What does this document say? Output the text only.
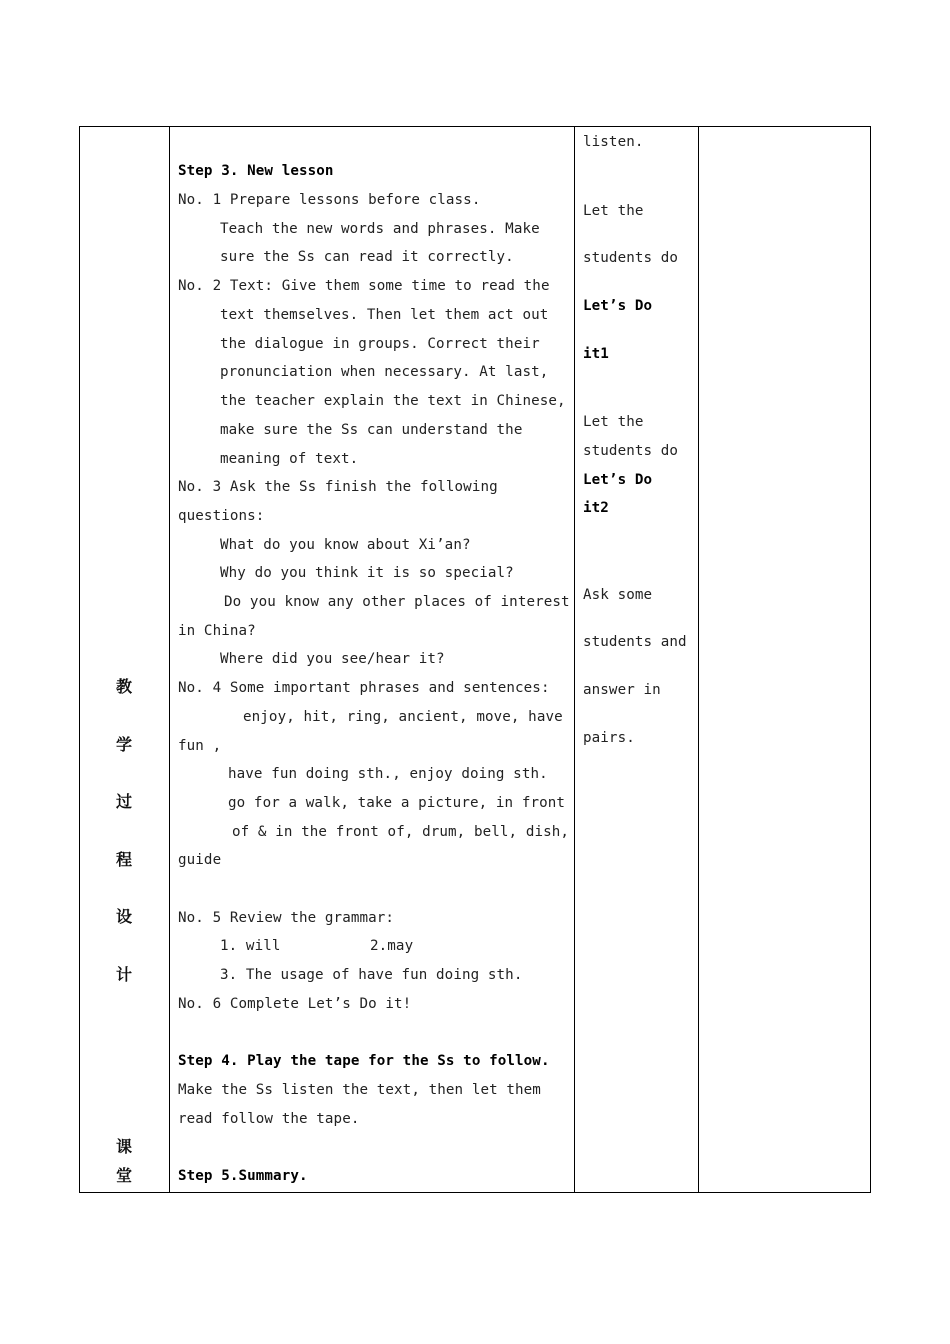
教
学
过
程
设
计
课
堂
Step 3. New lesson
No. 1 Prepare lessons before class.
Teach the new words and phrases. Make
sure the Ss can read it correctly.
No. 2 Text: Give them some time to read the
text themselves. Then let them act out
the dialogue in groups. Correct their
pronunciation when necessary. At last,
the teacher explain the text in Chinese,
make sure the Ss can understand the
meaning of text.
No. 3 Ask the Ss finish the following
questions:
What do you know about Xi’an?
Why do you think it is so special?
Do you know any other places of interest
in China?
Where did you see/hear it?
No. 4 Some important phrases and sentences:
enjoy, hit, ring, ancient, move, have
fun ,
have fun doing sth., enjoy doing sth.
go for a walk, take a picture, in front
of & in the front of, drum, bell, dish,
guide
No. 5 Review the grammar:
1. will	2.may
3. The usage of have fun doing sth.
No. 6 Complete Let’s Do it!
Step 4. Play the tape for the Ss to follow.
Make the Ss listen the text, then let them
read follow the tape.
Step 5.Summary.
listen.
Let the
students do
Let’s Do
it1
Let the
students do
Let’s Do
it2
Ask some
students and
answer in
pairs.
